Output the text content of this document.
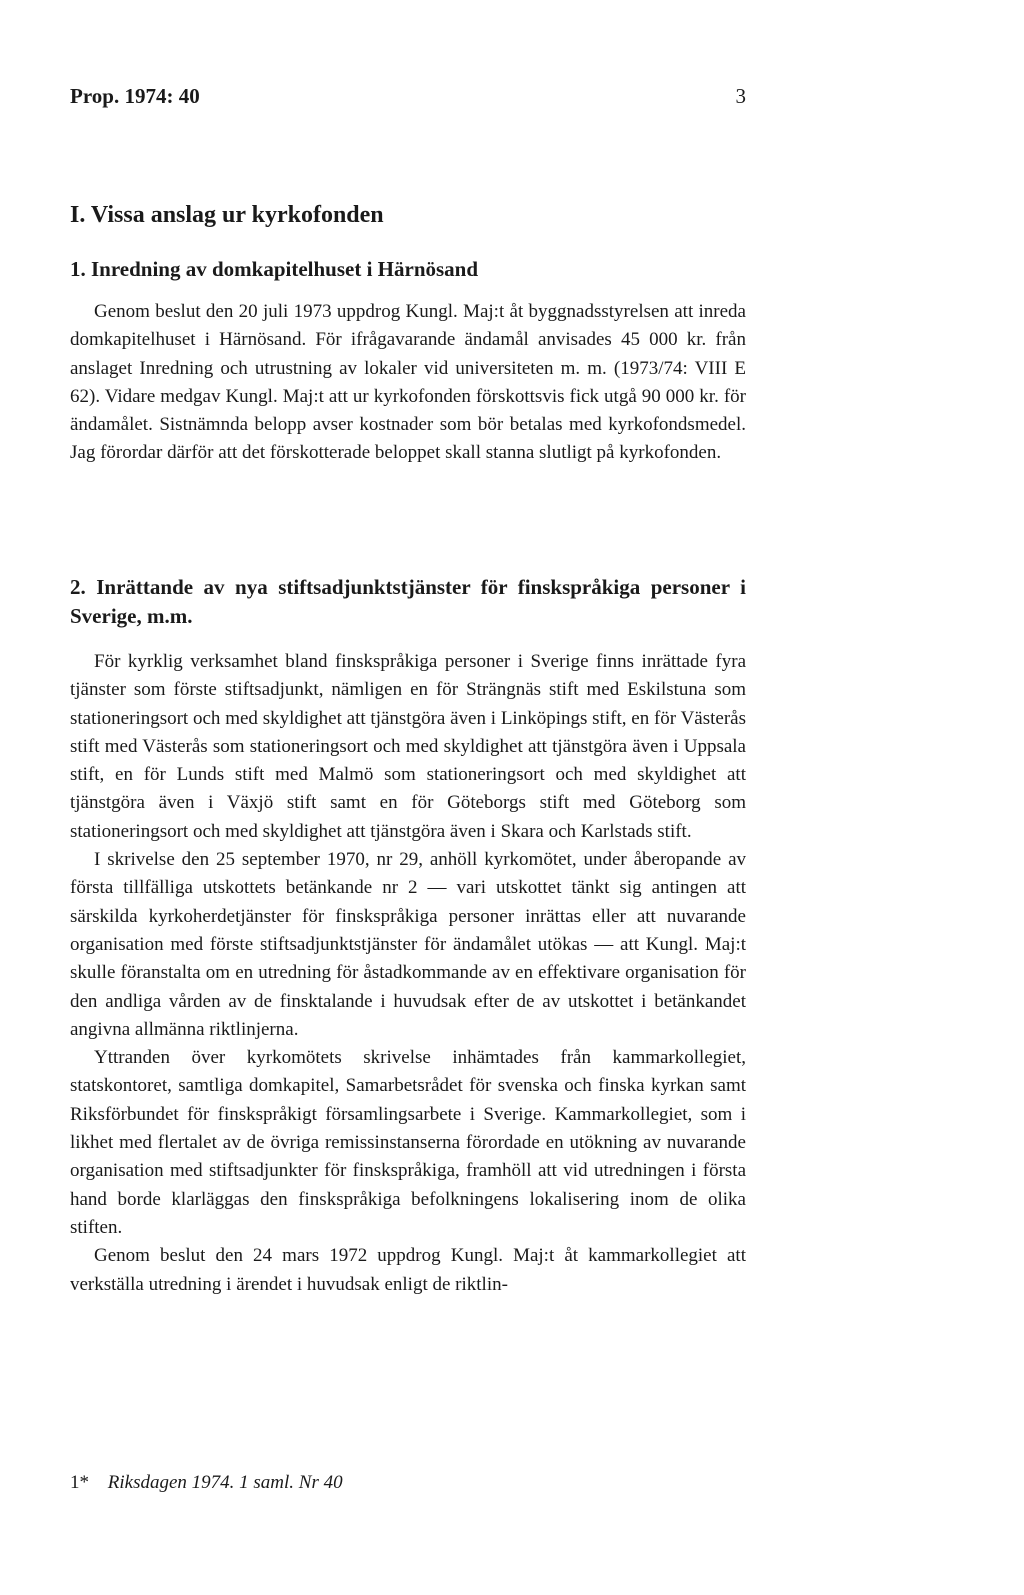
Prop. 1974: 40	3
I. Vissa anslag ur kyrkofonden
1. Inredning av domkapitelhuset i Härnösand

Genom beslut den 20 juli 1973 uppdrog Kungl. Maj:t åt byggnadsstyrelsen att inreda domkapitelhuset i Härnösand. För ifrågavarande ändamål anvisades 45 000 kr. från anslaget Inredning och utrustning av lokaler vid universiteten m. m. (1973/74: VIII E 62). Vidare medgav Kungl. Maj:t att ur kyrkofonden förskottsvis fick utgå 90 000 kr. för ändamålet. Sistnämnda belopp avser kostnader som bör betalas med kyrkofondsmedel. Jag förordar därför att det förskotterade beloppet skall stanna slutligt på kyrkofonden.

2. Inrättande av nya stiftsadjunktstjänster för finskspråkiga personer i Sverige, m.m.

För kyrklig verksamhet bland finskspråkiga personer i Sverige finns inrättade fyra tjänster som förste stiftsadjunkt, nämligen en för Strängnäs stift med Eskilstuna som stationeringsort och med skyldighet att tjänstgöra även i Linköpings stift, en för Västerås stift med Västerås som stationeringsort och med skyldighet att tjänstgöra även i Uppsala stift, en för Lunds stift med Malmö som stationeringsort och med skyldighet att tjänstgöra även i Växjö stift samt en för Göteborgs stift med Göteborg som stationeringsort och med skyldighet att tjänstgöra även i Skara och Karlstads stift.

I skrivelse den 25 september 1970, nr 29, anhöll kyrkomötet, under åberopande av första tillfälliga utskottets betänkande nr 2 — vari utskottet tänkt sig antingen att särskilda kyrkoherdetjänster för finskspråkiga personer inrättas eller att nuvarande organisation med förste stiftsadjunktstjänster för ändamålet utökas — att Kungl. Maj:t skulle föranstalta om en utredning för åstadkommande av en effektivare organisation för den andliga vården av de finsktalande i huvudsak efter de av utskottet i betänkandet angivna allmänna riktlinjerna.

Yttranden över kyrkomötets skrivelse inhämtades från kammarkollegiet, statskontoret, samtliga domkapitel, Samarbetsrådet för svenska och finska kyrkan samt Riksförbundet för finskspråkigt församlingsarbete i Sverige. Kammarkollegiet, som i likhet med flertalet av de övriga remissinstanserna förordade en utökning av nuvarande organisation med stiftsadjunkter för finskspråkiga, framhöll att vid utredningen i första hand borde klarläggas den finskspråkiga befolkningens lokalisering inom de olika stiften.

Genom beslut den 24 mars 1972 uppdrog Kungl. Maj:t åt kammarkollegiet att verkställa utredning i ärendet i huvudsak enligt de riktlin-

1* Riksdagen 1974. 1 saml. Nr 40
